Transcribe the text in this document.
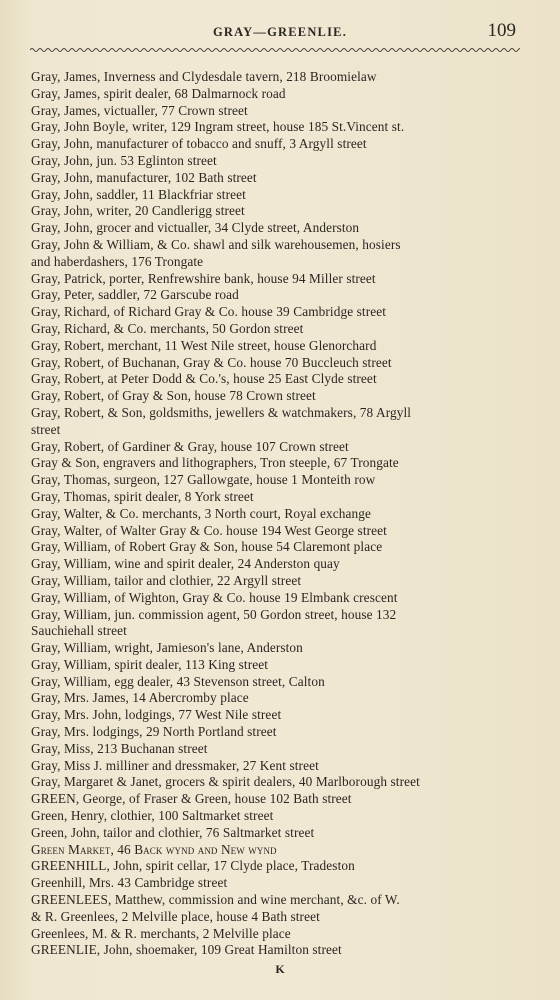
GRAY—GREENLIE.	109
Gray, James, Inverness and Clydesdale tavern, 218 Broomielaw
Gray, James, spirit dealer, 68 Dalmarnock road
Gray, James, victualler, 77 Crown street
Gray, John Boyle, writer, 129 Ingram street, house 185 St.Vincent st.
Gray, John, manufacturer of tobacco and snuff, 3 Argyll street
Gray, John, jun. 53 Eglinton street
Gray, John, manufacturer, 102 Bath street
Gray, John, saddler, 11 Blackfriar street
Gray, John, writer, 20 Candlerigg street
Gray, John, grocer and victualler, 34 Clyde street, Anderston
Gray, John & William, & Co. shawl and silk warehousemen, hosiers
and haberdashers, 176 Trongate
Gray, Patrick, porter, Renfrewshire bank, house 94 Miller street
Gray, Peter, saddler, 72 Garscube road
Gray, Richard, of Richard Gray & Co. house 39 Cambridge street
Gray, Richard, & Co. merchants, 50 Gordon street
Gray, Robert, merchant, 11 West Nile street, house Glenorchard
Gray, Robert, of Buchanan, Gray & Co. house 70 Buccleuch street
Gray, Robert, at Peter Dodd & Co.'s, house 25 East Clyde street
Gray, Robert, of Gray & Son, house 78 Crown street
Gray, Robert, & Son, goldsmiths, jewellers & watchmakers, 78 Argyll
street
Gray, Robert, of Gardiner & Gray, house 107 Crown street
Gray & Son, engravers and lithographers, Tron steeple, 67 Trongate
Gray, Thomas, surgeon, 127 Gallowgate, house 1 Monteith row
Gray, Thomas, spirit dealer, 8 York street
Gray, Walter, & Co. merchants, 3 North court, Royal exchange
Gray, Walter, of Walter Gray & Co. house 194 West George street
Gray, William, of Robert Gray & Son, house 54 Claremont place
Gray, William, wine and spirit dealer, 24 Anderston quay
Gray, William, tailor and clothier, 22 Argyll street
Gray, William, of Wighton, Gray & Co. house 19 Elmbank crescent
Gray, William, jun. commission agent, 50 Gordon street, house 132
Sauchiehall street
Gray, William, wright, Jamieson's lane, Anderston
Gray, William, spirit dealer, 113 King street
Gray, William, egg dealer, 43 Stevenson street, Calton
Gray, Mrs. James, 14 Abercromby place
Gray, Mrs. John, lodgings, 77 West Nile street
Gray, Mrs. lodgings, 29 North Portland street
Gray, Miss, 213 Buchanan street
Gray, Miss J. milliner and dressmaker, 27 Kent street
Gray, Margaret & Janet, grocers & spirit dealers, 40 Marlborough street
GREEN, George, of Fraser & Green, house 102 Bath street
Green, Henry, clothier, 100 Saltmarket street
Green, John, tailor and clothier, 76 Saltmarket street
Green Market, 46 Back wynd and New wynd
GREENHILL, John, spirit cellar, 17 Clyde place, Tradeston
Greenhill, Mrs. 43 Cambridge street
GREENLEES, Matthew, commission and wine merchant, &c. of W.
& R. Greenlees, 2 Melville place, house 4 Bath street
Greenlees, M. & R. merchants, 2 Melville place
GREENLIE, John, shoemaker, 109 Great Hamilton street
K
